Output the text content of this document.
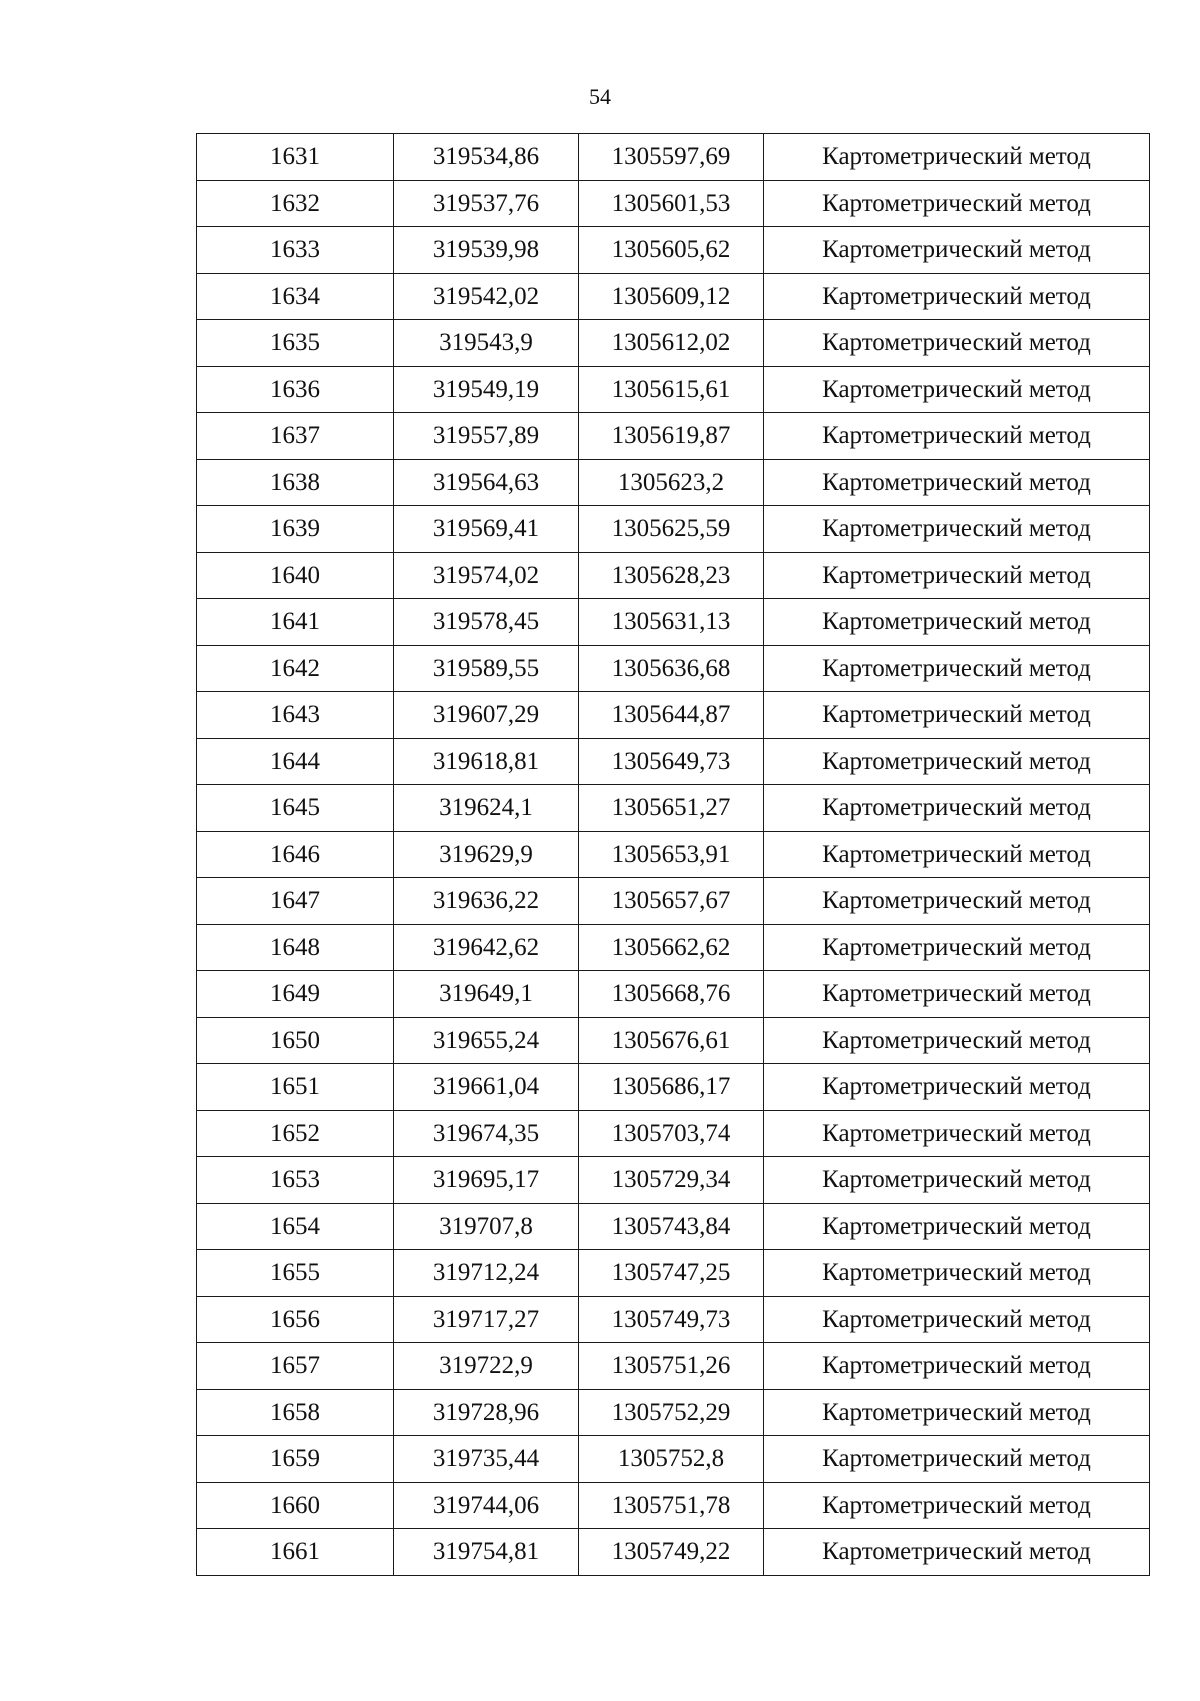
54
1631	319534,86	1305597,69	Картометрический метод
1632	319537,76	1305601,53	Картометрический метод
1633	319539,98	1305605,62	Картометрический метод
1634	319542,02	1305609,12	Картометрический метод
1635	319543,9	1305612,02	Картометрический метод
1636	319549,19	1305615,61	Картометрический метод
1637	319557,89	1305619,87	Картометрический метод
1638	319564,63	1305623,2	Картометрический метод
1639	319569,41	1305625,59	Картометрический метод
1640	319574,02	1305628,23	Картометрический метод
1641	319578,45	1305631,13	Картометрический метод
1642	319589,55	1305636,68	Картометрический метод
1643	319607,29	1305644,87	Картометрический метод
1644	319618,81	1305649,73	Картометрический метод
1645	319624,1	1305651,27	Картометрический метод
1646	319629,9	1305653,91	Картометрический метод
1647	319636,22	1305657,67	Картометрический метод
1648	319642,62	1305662,62	Картометрический метод
1649	319649,1	1305668,76	Картометрический метод
1650	319655,24	1305676,61	Картометрический метод
1651	319661,04	1305686,17	Картометрический метод
1652	319674,35	1305703,74	Картометрический метод
1653	319695,17	1305729,34	Картометрический метод
1654	319707,8	1305743,84	Картометрический метод
1655	319712,24	1305747,25	Картометрический метод
1656	319717,27	1305749,73	Картометрический метод
1657	319722,9	1305751,26	Картометрический метод
1658	319728,96	1305752,29	Картометрический метод
1659	319735,44	1305752,8	Картометрический метод
1660	319744,06	1305751,78	Картометрический метод
1661	319754,81	1305749,22	Картометрический метод
